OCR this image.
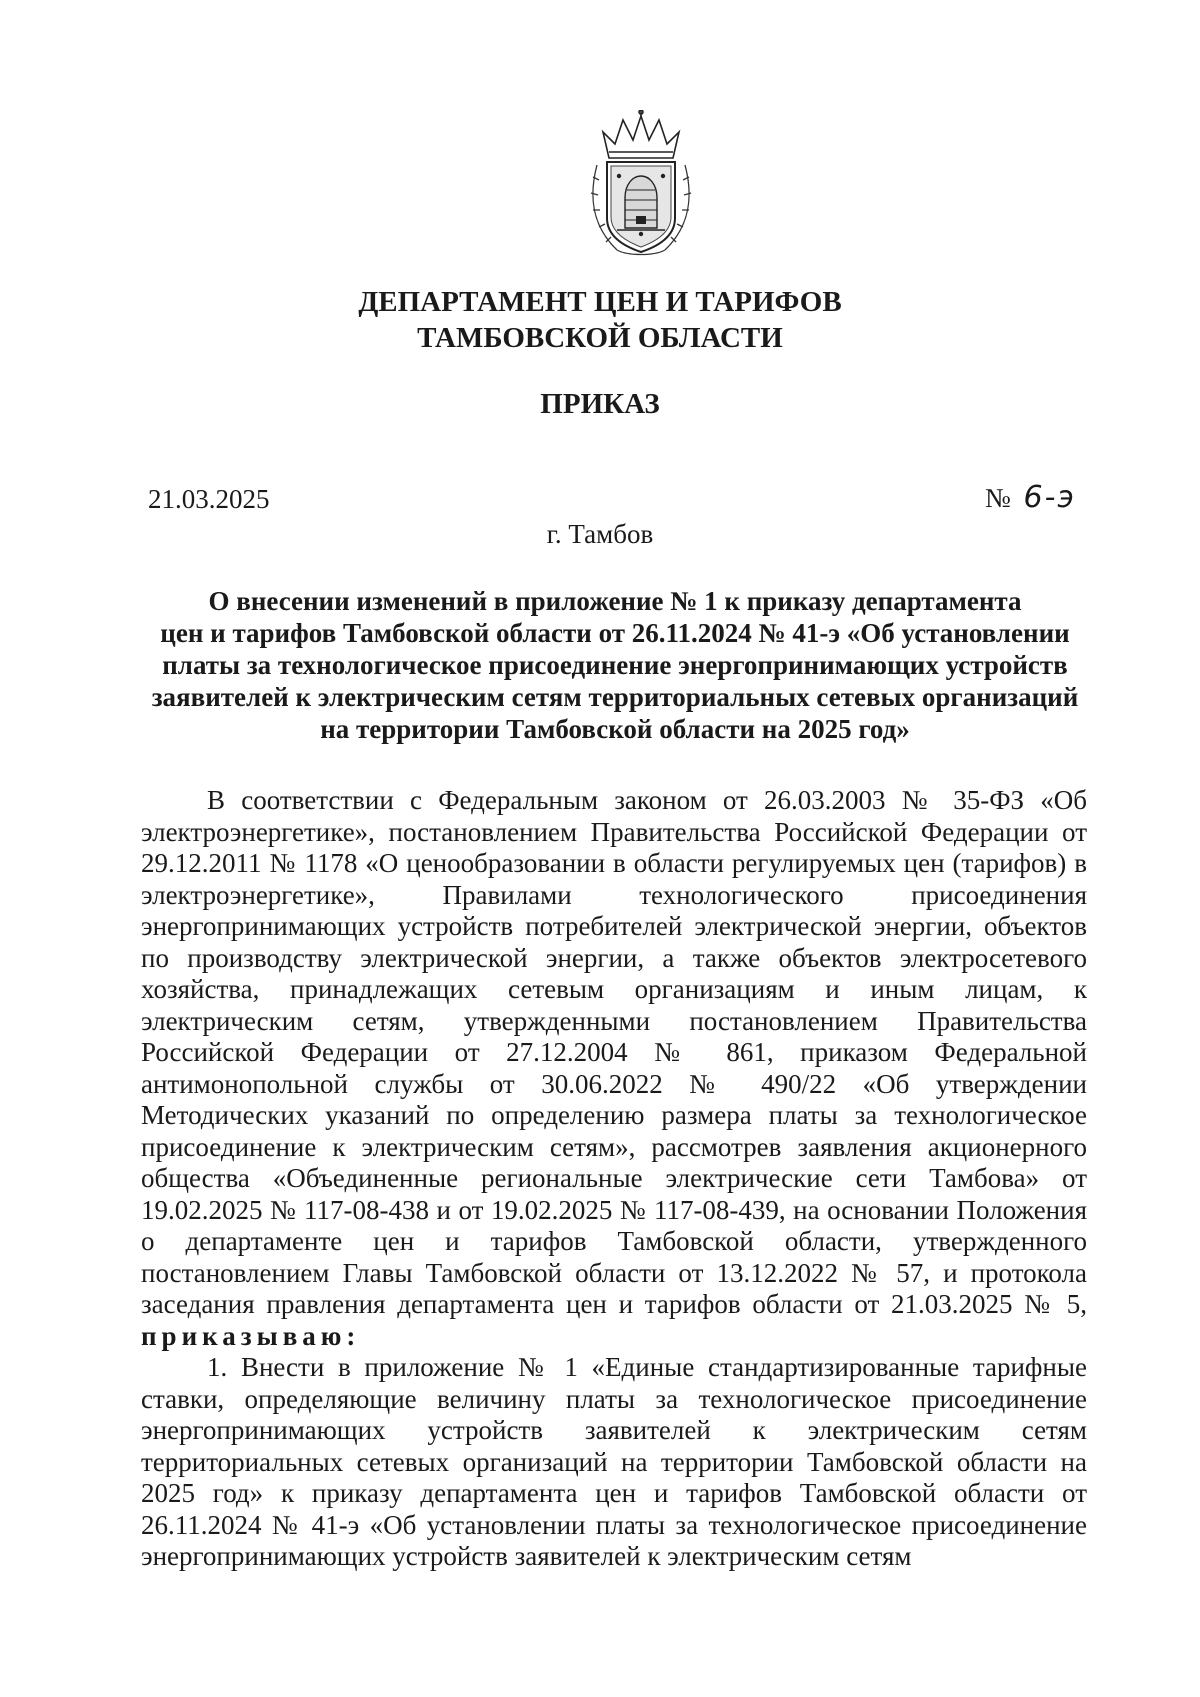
ДЕПАРТАМЕНТ ЦЕН И ТАРИФОВ
ТАМБОВСКОЙ ОБЛАСТИ
ПРИКАЗ
21.03.2025	№ 6-э
г. Тамбов
О внесении изменений в приложение № 1 к приказу департамента
цен и тарифов Тамбовской области от 26.11.2024 № 41-э «Об установлении
платы за технологическое присоединение энергопринимающих устройств
заявителей к электрическим сетям территориальных сетевых организаций
на территории Тамбовской области на 2025 год»

В соответствии с Федеральным законом от 26.03.2003 № 35-ФЗ «Об электроэнергетике», постановлением Правительства Российской Федерации от 29.12.2011 № 1178 «О ценообразовании в области регулируемых цен (тарифов) в электроэнергетике», Правилами технологического присоединения энергопринимающих устройств потребителей электрической энергии, объектов по производству электрической энергии, а также объектов электросетевого хозяйства, принадлежащих сетевым организациям и иным лицам, к электрическим сетям, утвержденными постановлением Правительства Российской Федерации от 27.12.2004 № 861, приказом Федеральной антимонопольной службы от 30.06.2022 № 490/22 «Об утверждении Методических указаний по определению размера платы за технологическое присоединение к электрическим сетям», рассмотрев заявления акционерного общества «Объединенные региональные электрические сети Тамбова» от 19.02.2025 № 117-08-438 и от 19.02.2025 № 117-08-439, на основании Положения о департаменте цен и тарифов Тамбовской области, утвержденного постановлением Главы Тамбовской области от 13.12.2022 № 57, и протокола заседания правления департамента цен и тарифов области от 21.03.2025 № 5, приказываю:

1. Внести в приложение № 1 «Единые стандартизированные тарифные ставки, определяющие величину платы за технологическое присоединение энергопринимающих устройств заявителей к электрическим сетям территориальных сетевых организаций на территории Тамбовской области на 2025 год» к приказу департамента цен и тарифов Тамбовской области от 26.11.2024 № 41-э «Об установлении платы за технологическое присоединение энергопринимающих устройств заявителей к электрическим сетям
